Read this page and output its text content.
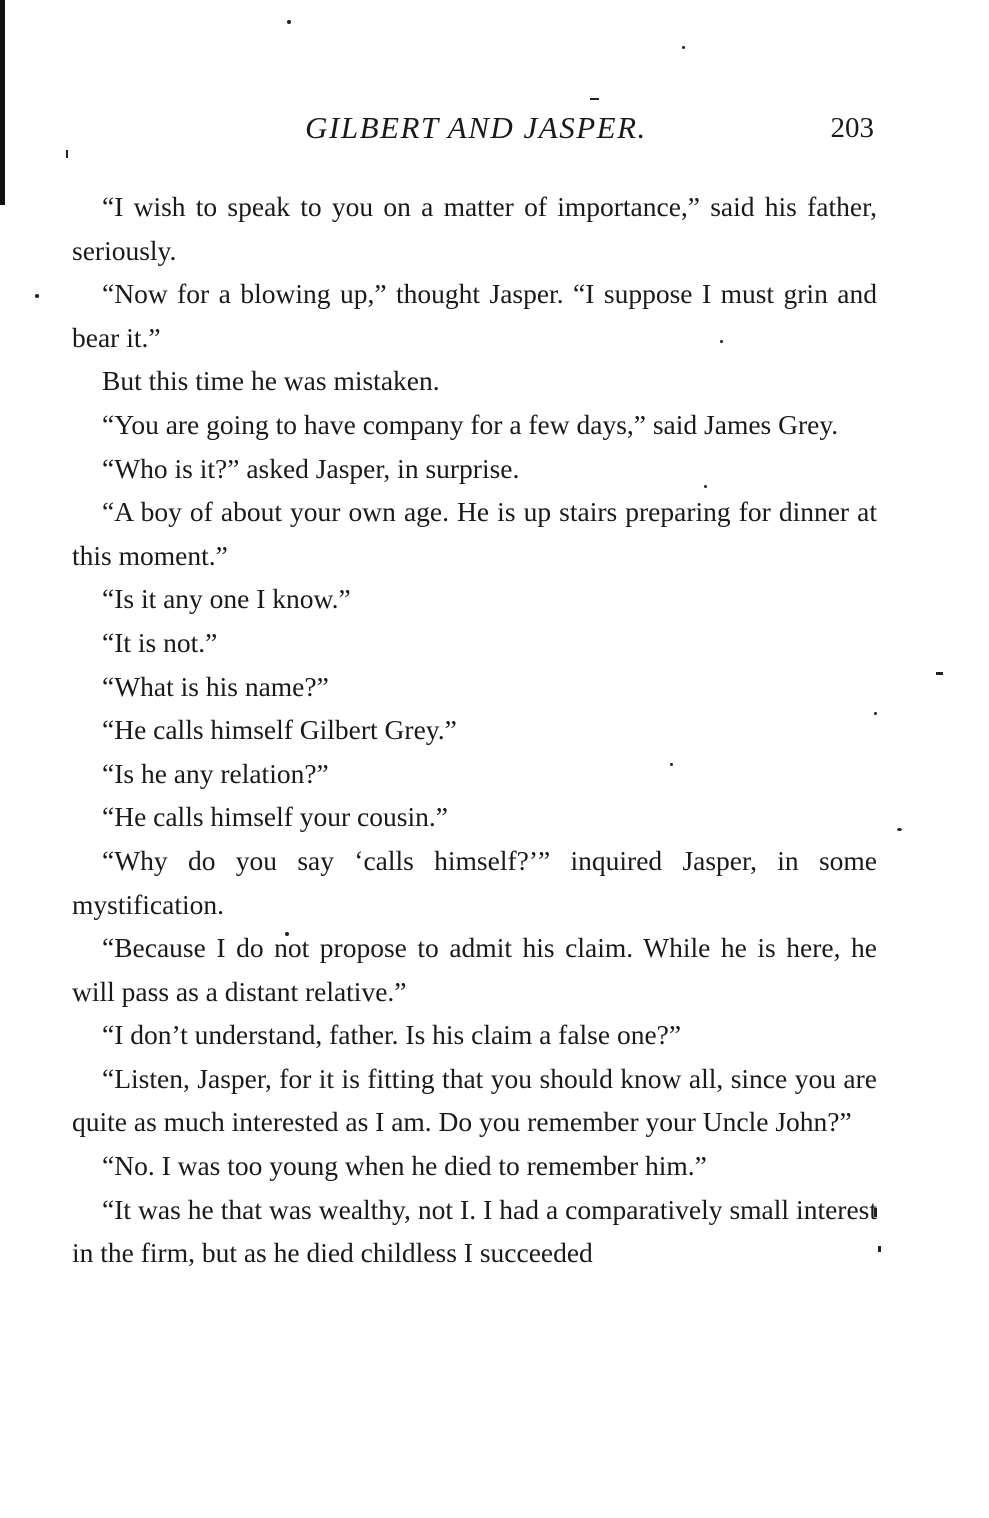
GILBERT AND JASPER.	203

“I wish to speak to you on a matter of importance,” said his father, seriously.

“Now for a blowing up,” thought Jasper. “I suppose I must grin and bear it.”

But this time he was mistaken.

“You are going to have company for a few days,” said James Grey.

“Who is it?” asked Jasper, in surprise.

“A boy of about your own age. He is up stairs preparing for dinner at this moment.”

“Is it any one I know.”

“It is not.”

“What is his name?”

“He calls himself Gilbert Grey.”

“Is he any relation?”

“He calls himself your cousin.”

“Why do you say ‘calls himself?’” inquired Jasper, in some mystification.

“Because I do not propose to admit his claim. While he is here, he will pass as a distant relative.”

“I don’t understand, father. Is his claim a false one?”

“Listen, Jasper, for it is fitting that you should know all, since you are quite as much interested as I am. Do you remember your Uncle John?”

“No. I was too young when he died to remember him.”

“It was he that was wealthy, not I. I had a comparatively small interest in the firm, but as he died childless I succeeded
